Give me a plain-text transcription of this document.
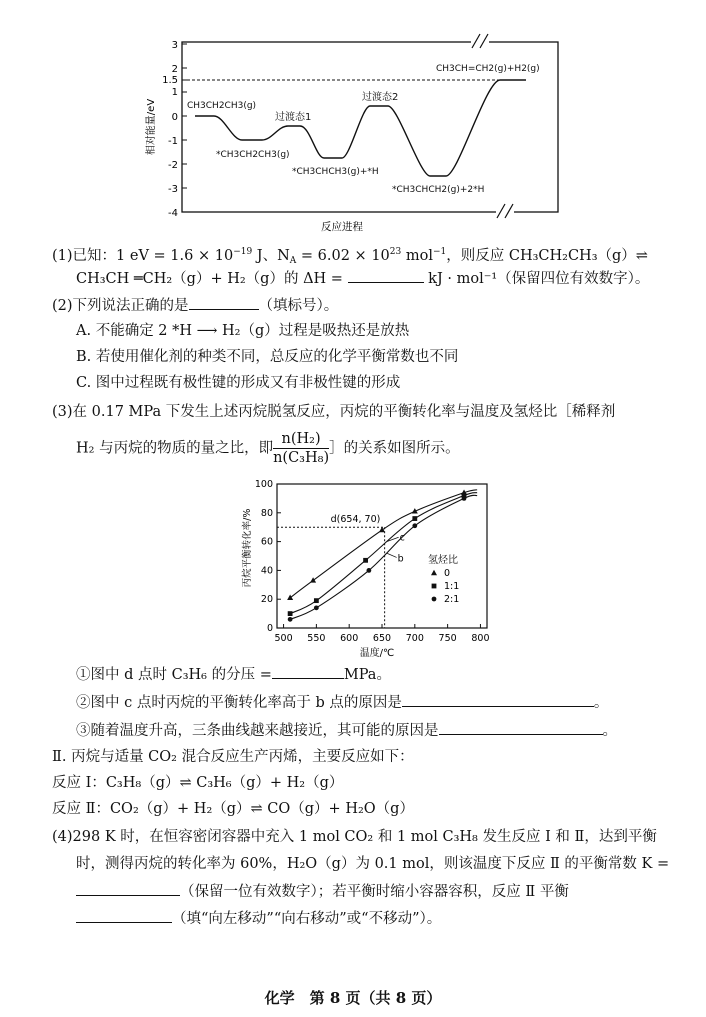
3
2
1.5
1
0
-1
-2
-3
-4
相对能量/eV	CH3CH2CH3(g)
*CH3CH2CH3(g)
过渡态1
*CH3CHCH3(g)+*H
过渡态2
*CH3CHCH2(g)+2*H
CH3CH=CH2(g)+H2(g)
反应进程
(1)已知：1 eV = $1.6 \times 10^{-19}$ J、$N_A = 6.02 \times 10^{23}$ mol$^{-1}$，则反应 CH₃CH₂CH₃（g）⇌
CH₃CH ═CH₂（g）+ H₂（g）的 ΔH =	kJ · mol⁻¹（保留四位有效数字）。
(2)下列说法正确的是	（填标号）。
A. 不能确定 2 *H ⟶ H₂（g）过程是吸热还是放热
B. 若使用催化剂的种类不同，总反应的化学平衡常数也不同
C. 图中过程既有极性键的形成又有非极性键的形成
(3)在 0.17 MPa 下发生上述丙烷脱氢反应，丙烷的平衡转化率与温度及氢烃比［稀释剂
H₂ 与丙烷的物质的量之比，即 $\frac{\text{n(H₂)}}{\text{n(C₃H₈)}}$ ］的关系如图所示。
丙烷平衡转化率/%
温度/℃
氢烃比
500 550 600 650 700 750 800
0
20
40
60
80
100
d(654, 70)
c
b
0
1:1
2:1
①图中 d 点时 C₃H₆ 的分压 =	MPa。
②图中 c 点时丙烷的平衡转化率高于 b 点的原因是	。
③随着温度升高，三条曲线越来越接近，其可能的原因是	。
Ⅱ. 丙烷与适量 CO₂ 混合反应生产丙烯，主要反应如下：
反应 Ⅰ：C₃H₈（g）⇌ C₃H₆（g）+ H₂（g）
反应 Ⅱ：CO₂（g）+ H₂（g）⇌ CO（g）+ H₂O（g）
(4)298 K 时，在恒容密闭容器中充入 1 mol CO₂ 和 1 mol C₃H₈ 发生反应 Ⅰ 和 Ⅱ，达到平衡
时，测得丙烷的转化率为 60%，H₂O（g）为 0.1 mol，则该温度下反应 Ⅱ 的平衡常数 K =
（保留一位有效数字）；若平衡时缩小容器容积，反应 Ⅱ 平衡
（填“向左移动”“向右移动”或“不移动”）。
化学　第 8 页（共 8 页）
